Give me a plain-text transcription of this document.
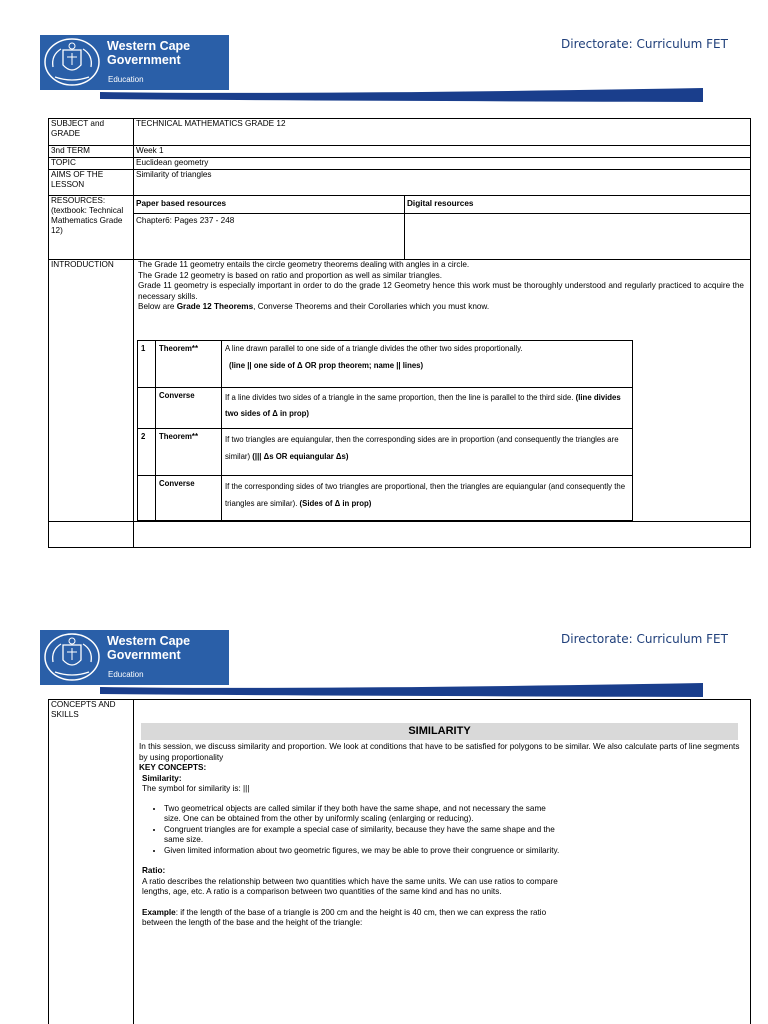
Western Cape
Government
Education
Directorate: Curriculum FET
SUBJECT and GRADE	TECHNICAL MATHEMATICS GRADE 12	
3nd TERM	Week 1	
TOPIC	Euclidean geometry	
AIMS OF THE LESSON	Similarity of triangles	
RESOURCES: (textbook: Technical Mathematics Grade 12)	Paper based resources	Digital resources
	Chapter6: Pages 237 - 248	
INTRODUCTION	The Grade 11 geometry entails the circle geometry theorems dealing with angles in a circle.

The Grade 12 geometry is based on ratio and proportion as well as similar triangles.

Grade 11 geometry is especially important in order to do the grade 12 Geometry hence this work must be thoroughly understood and regularly practiced to acquire the necessary skills.

Below are Grade 12 Theorems, Converse Theorems and their Corollaries which you must know.	

1	Theorem**	A line drawn parallel to one side of a triangle divides the other two sides proportionally.
(line || one side of Δ OR prop theorem; name || lines)

	Converse	If a line divides two sides of a triangle in the same proportion, then the line is parallel to the third side. (line divides two sides of Δ in prop)
2	Theorem**	If two triangles are equiangular, then the corresponding sides are in proportion (and consequently the triangles are similar) (||| Δs OR equiangular Δs)
	Converse	If the corresponding sides of two triangles are proportional, then the triangles are equiangular (and consequently the triangles are similar). (Sides of Δ in prop)
Western Cape
Government
Education
Directorate: Curriculum FET
CONCEPTS AND SKILLS	
SIMILARITY

In this session, we discuss similarity and proportion. We look at conditions that have to be satisfied for polygons to be similar. We also calculate parts of line segments by using proportionality

KEY CONCEPTS:

Similarity:

The symbol for similarity is: |||

• Two geometrical objects are called similar if they both have the same shape, and not necessary the same size. One can be obtained from the other by uniformly scaling (enlarging or reducing).
• Congruent triangles are for example a special case of similarity, because they have the same shape and the same size.
• Given limited information about two geometric figures, we may be able to prove their congruence or similarity.

Ratio:

A ratio describes the relationship between two quantities which have the same units. We can use ratios to compare lengths, age, etc. A ratio is a comparison between two quantities of the same kind and has no units.

Example: if the length of the base of a triangle is 200 cm and the height is 40 cm, then we can express the ratio between the length of the base and the height of the triangle:
